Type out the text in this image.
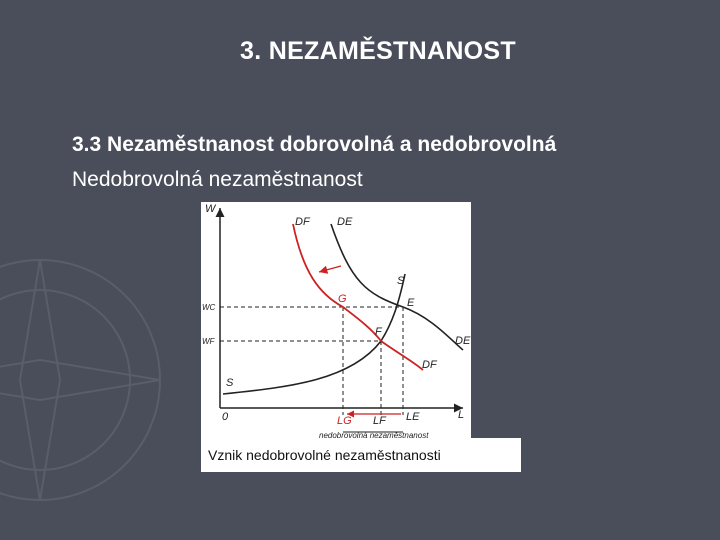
3. NEZAMĚSTNANOST
3.3 Nezaměstnanost dobrovolná a nedobrovolná
Nedobrovolná nezaměstnanost
W
L
0
WC
WF
DF DE
S
S
DE
DF
G	E
F
LG LF LE
nedobrovolná nezaměstnanost
Vznik nedobrovolné nezaměstnanosti
